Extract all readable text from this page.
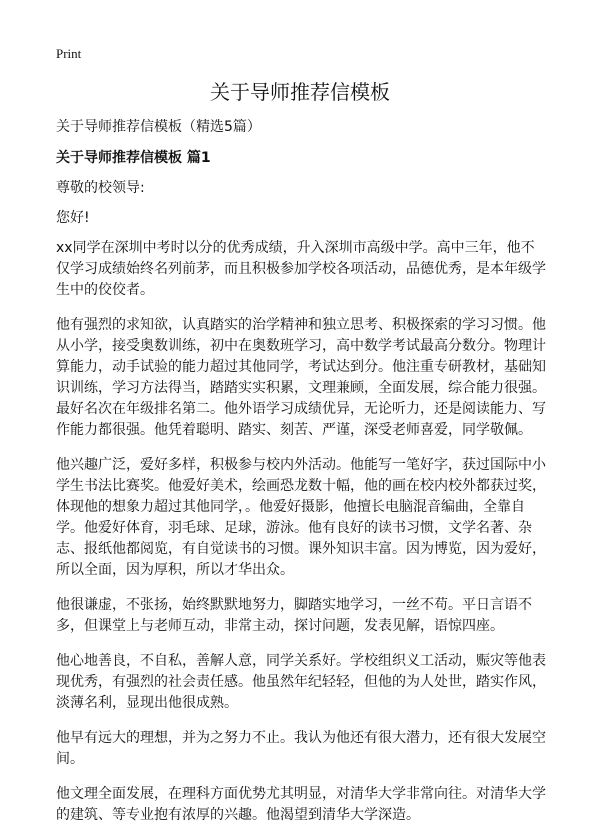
Print
关于导师推荐信模板

关于导师推荐信模板（精选5篇）

关于导师推荐信模板 篇1

尊敬的校领导:

您好!

xx同学在深圳中考时以分的优秀成绩，升入深圳市高级中学。高中三年，他不仅学习成绩始终名列前茅，而且积极参加学校各项活动，品德优秀，是本年级学生中的佼佼者。

他有强烈的求知欲，认真踏实的治学精神和独立思考、积极探索的学习习惯。他从小学，接受奥数训练，初中在奥数班学习，高中数学考试最高分数分。物理计算能力，动手试验的能力超过其他同学，考试达到分。他注重专研教材，基础知识训练，学习方法得当，踏踏实实积累，文理兼顾，全面发展，综合能力很强。最好名次在年级排名第二。他外语学习成绩优异，无论听力，还是阅读能力、写作能力都很强。他凭着聪明、踏实、刻苦、严谨，深受老师喜爱，同学敬佩。

他兴趣广泛，爱好多样，积极参与校内外活动。他能写一笔好字，获过国际中小学生书法比赛奖。他爱好美术，绘画恐龙数十幅，他的画在校内校外都获过奖，体现他的想象力超过其他同学，。他爱好摄影，他擅长电脑混音编曲，全靠自学。他爱好体育，羽毛球、足球，游泳。他有良好的读书习惯，文学名著、杂志、报纸他都阅览，有自觉读书的习惯。课外知识丰富。因为博览，因为爱好，所以全面，因为厚积，所以才华出众。

他很谦虚，不张扬，始终默默地努力，脚踏实地学习，一丝不苟。平日言语不多，但课堂上与老师互动，非常主动，探讨问题，发表见解，语惊四座。

他心地善良，不自私，善解人意，同学关系好。学校组织义工活动，赈灾等他表现优秀，有强烈的社会责任感。他虽然年纪轻轻，但他的为人处世，踏实作风，淡薄名利，显现出他很成熟。

他早有远大的理想，并为之努力不止。我认为他还有很大潜力，还有很大发展空间。

他文理全面发展，在理科方面优势尤其明显，对清华大学非常向往。对清华大学的建筑、等专业抱有浓厚的兴趣。他渴望到清华大学深造。
